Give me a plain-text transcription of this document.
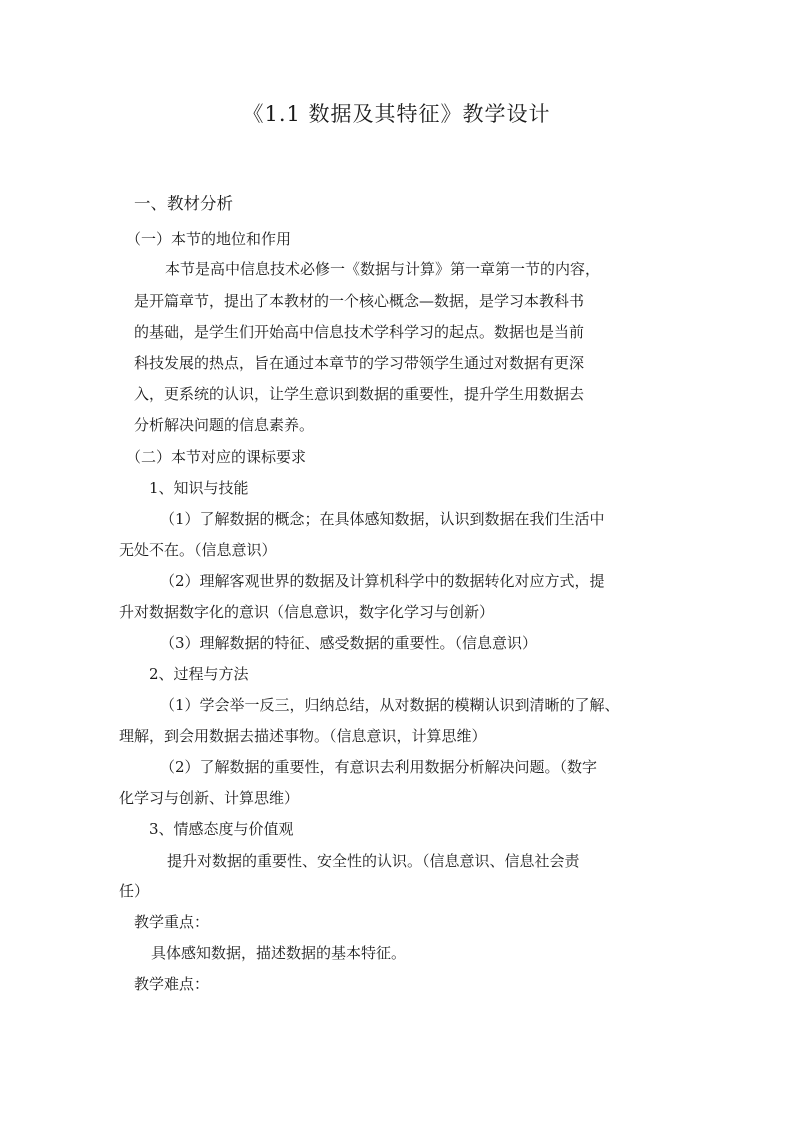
《1.1 数据及其特征》教学设计
一、教材分析
（一）本节的地位和作用
本节是高中信息技术必修一《数据与计算》第一章第一节的内容，
是开篇章节，提出了本教材的一个核心概念—数据，是学习本教科书
的基础，是学生们开始高中信息技术学科学习的起点。数据也是当前
科技发展的热点，旨在通过本章节的学习带领学生通过对数据有更深
入，更系统的认识，让学生意识到数据的重要性，提升学生用数据去
分析解决问题的信息素养。
（二）本节对应的课标要求
1、知识与技能
（1）了解数据的概念；在具体感知数据，认识到数据在我们生活中
无处不在。（信息意识）
（2）理解客观世界的数据及计算机科学中的数据转化对应方式，提
升对数据数字化的意识（信息意识，数字化学习与创新）
（3）理解数据的特征、感受数据的重要性。（信息意识）
2、过程与方法
（1）学会举一反三，归纳总结，从对数据的模糊认识到清晰的了解、
理解，到会用数据去描述事物。（信息意识，计算思维）
（2）了解数据的重要性，有意识去利用数据分析解决问题。（数字
化学习与创新、计算思维）
3、情感态度与价值观
提升对数据的重要性、安全性的认识。（信息意识、信息社会责
任）
教学重点：
具体感知数据，描述数据的基本特征。
教学难点：
